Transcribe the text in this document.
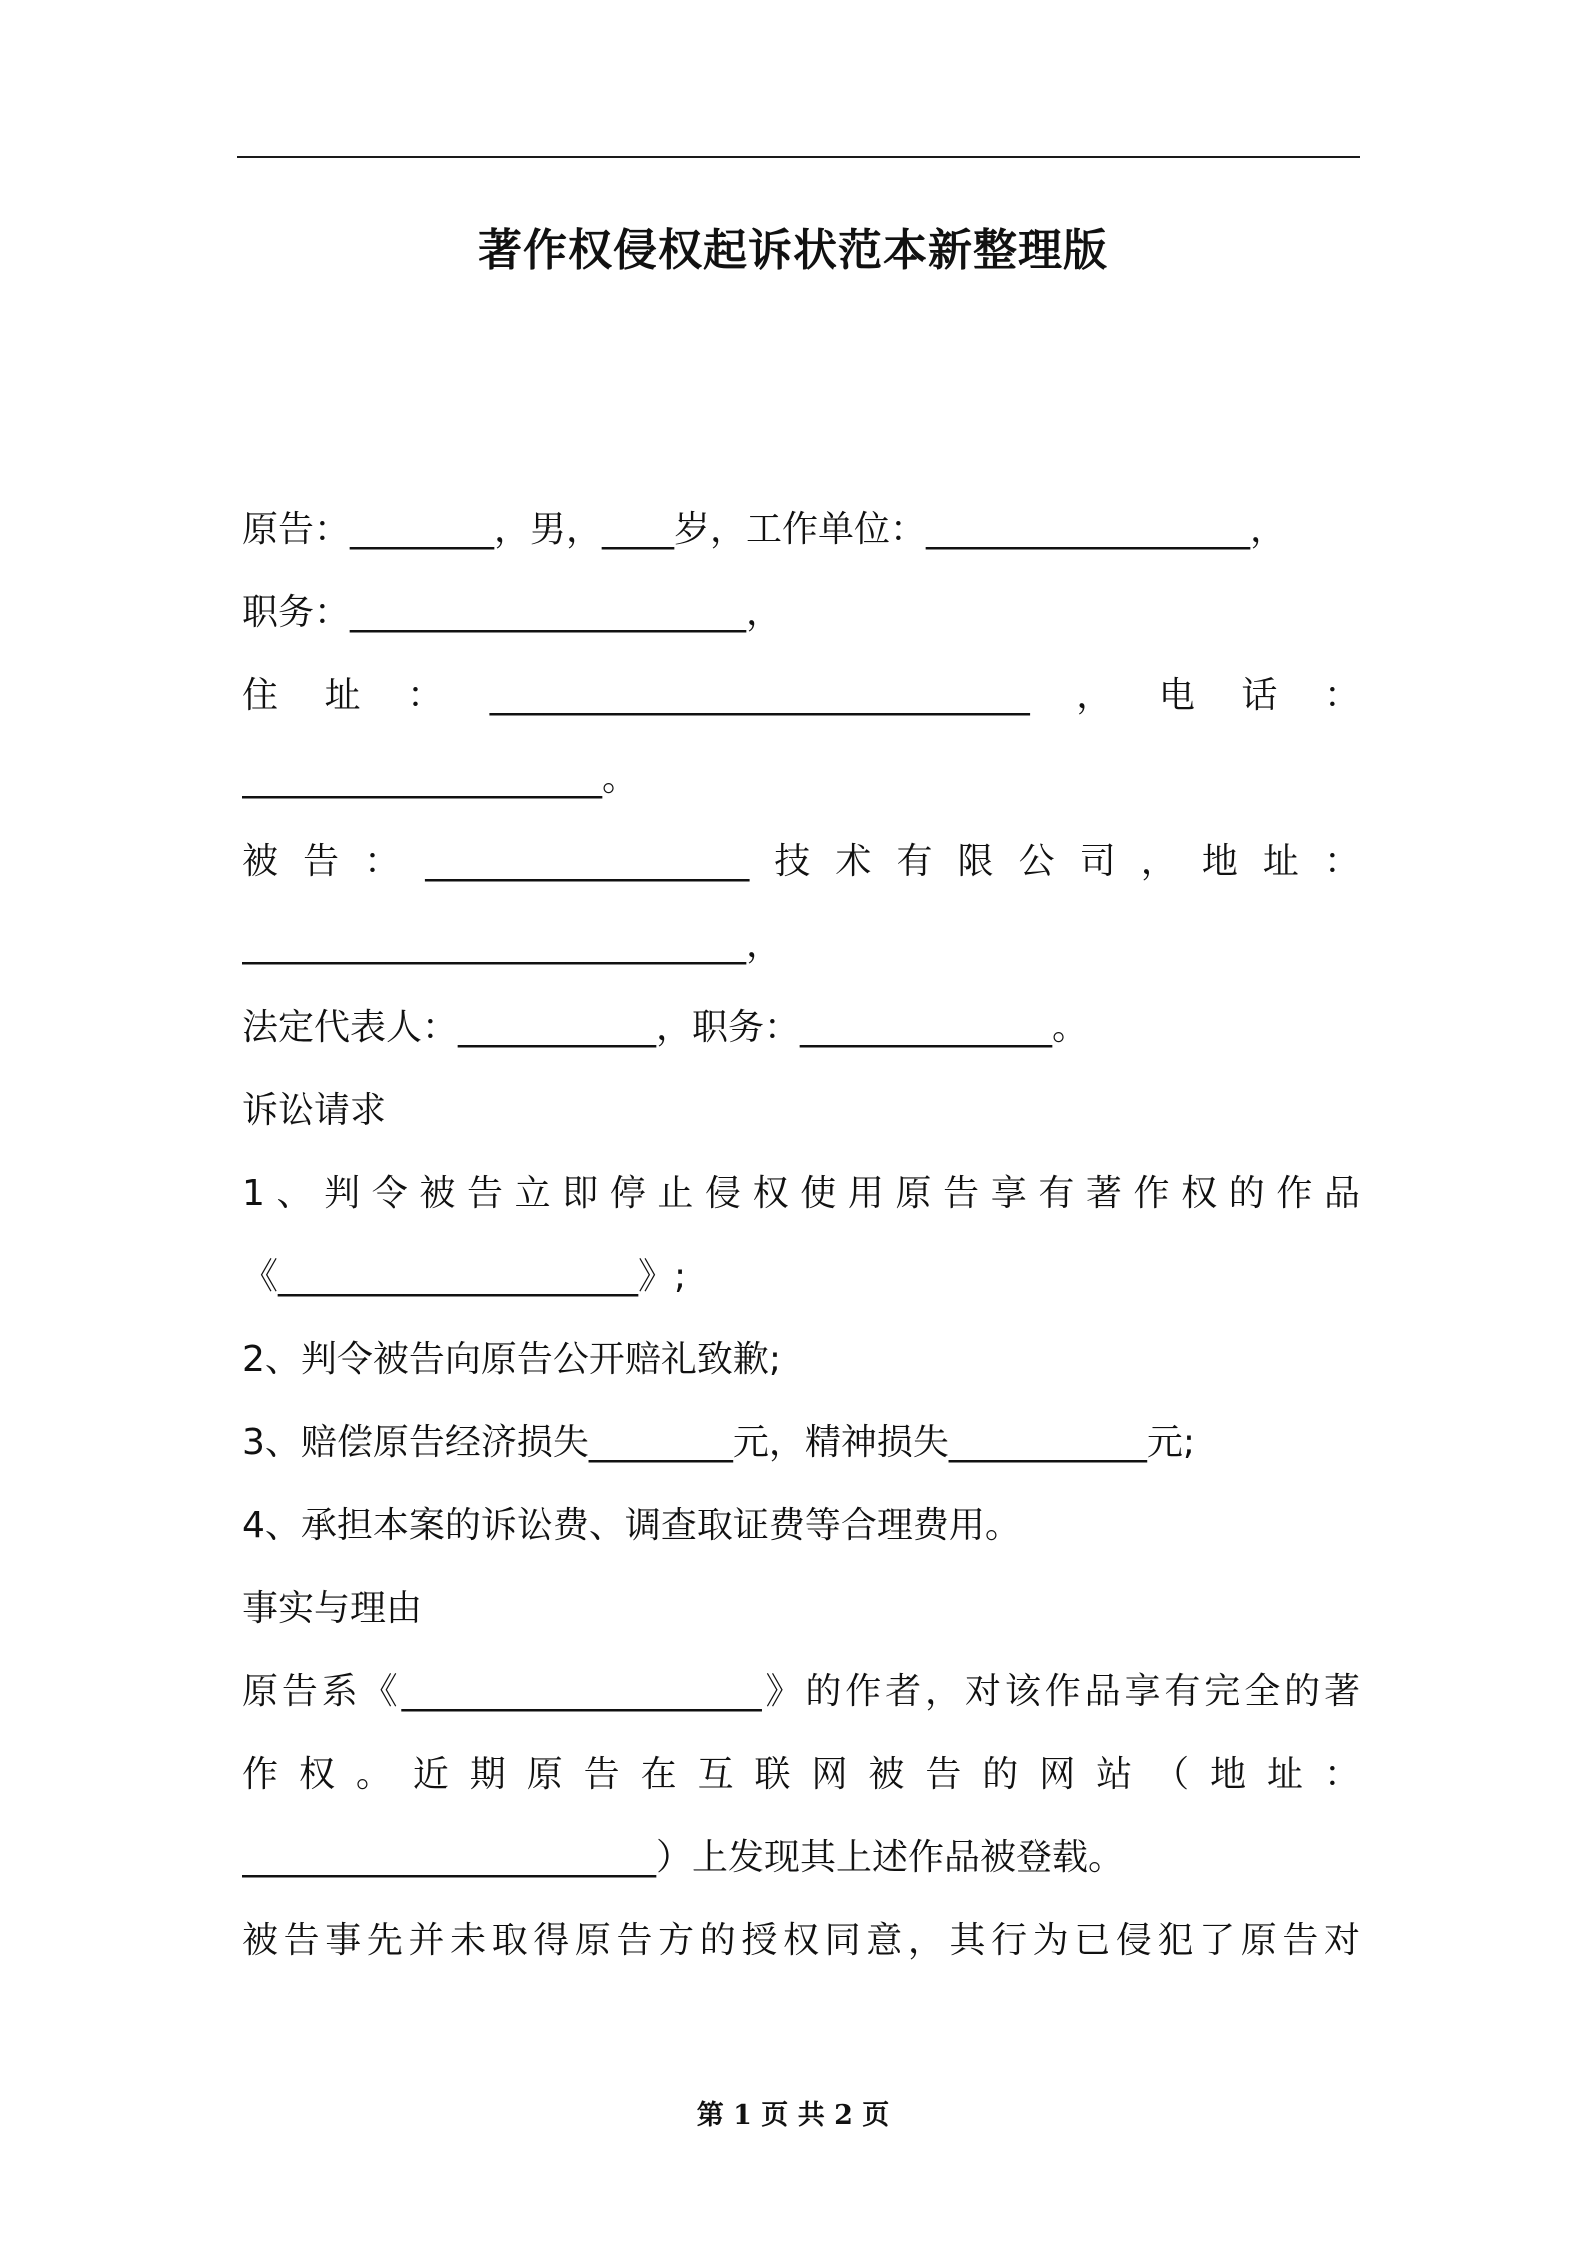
著作权侵权起诉状范本新整理版
原告：________，男，____岁，工作单位：__________________，
职务：______________________，
住址：______________________________，电话：
____________________。
被告：__________________技术有限公司，地址：
____________________________，
法定代表人：___________，职务：______________。
诉讼请求
1、判令被告立即停止侵权使用原告享有著作权的作品
《____________________》;
2、判令被告向原告公开赔礼致歉;
3、赔偿原告经济损失________元，精神损失___________元;
4、承担本案的诉讼费、调查取证费等合理费用。
事实与理由
原告系《____________________》的作者，对该作品享有完全的著
作权。近期原告在互联网被告的网站（地址：
_______________________）上发现其上述作品被登载。
被告事先并未取得原告方的授权同意，其行为已侵犯了原告对
第 1 页 共 2 页
